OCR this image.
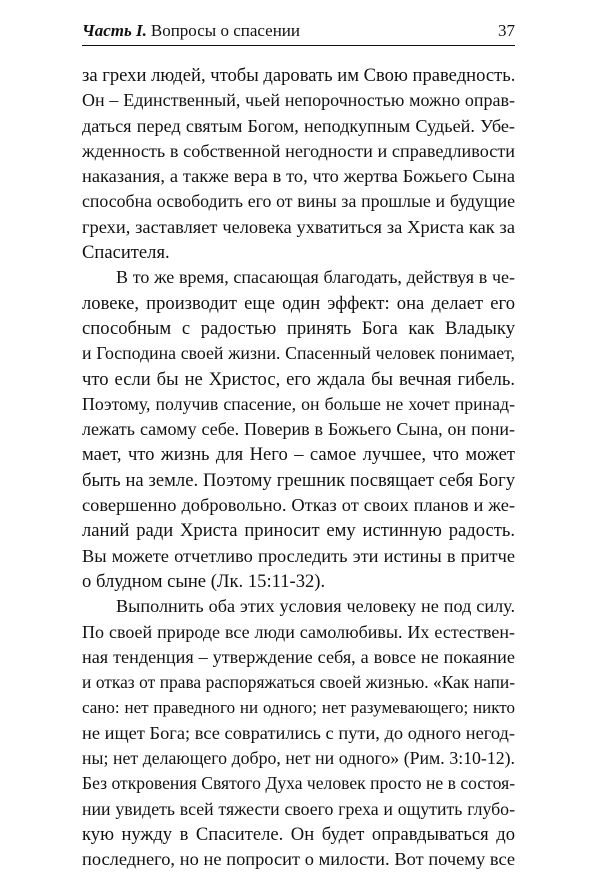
Часть I. Вопросы о спасении	37

за грехи людей, чтобы даровать им Свою праведность.

Он – Единственный, чьей непорочностью можно оправ-

даться перед святым Богом, неподкупным Судьей. Убе-

жденность в собственной негодности и справедливости

наказания, а также вера в то, что жертва Божьего Сына

способна освободить его от вины за прошлые и будущие

грехи, заставляет человека ухватиться за Христа как за

Спасителя.

В то же время, спасающая благодать, действуя в че-

ловеке, производит еще один эффект: она делает его

способным с радостью принять Бога как Владыку

и Господина своей жизни. Спасенный человек понимает,

что если бы не Христос, его ждала бы вечная гибель.

Поэтому, получив спасение, он больше не хочет принад-

лежать самому себе. Поверив в Божьего Сына, он пони-

мает, что жизнь для Него – самое лучшее, что может

быть на земле. Поэтому грешник посвящает себя Богу

совершенно добровольно. Отказ от своих планов и же-

ланий ради Христа приносит ему истинную радость.

Вы можете отчетливо проследить эти истины в притче

о блудном сыне (Лк. 15:11-32).

Выполнить оба этих условия человеку не под силу.

По своей природе все люди самолюбивы. Их естествен-

ная тенденция – утверждение себя, а вовсе не покаяние

и отказ от права распоряжаться своей жизнью. «Как напи-

сано: нет праведного ни одного; нет разумевающего; никто

не ищет Бога; все совратились с пути, до одного негод-

ны; нет делающего добро, нет ни одного» (Рим. 3:10-12).

Без откровения Святого Духа человек просто не в состоя-

нии увидеть всей тяжести своего греха и ощутить глубо-

кую нужду в Спасителе. Он будет оправдываться до

последнего, но не попросит о милости. Вот почему все
